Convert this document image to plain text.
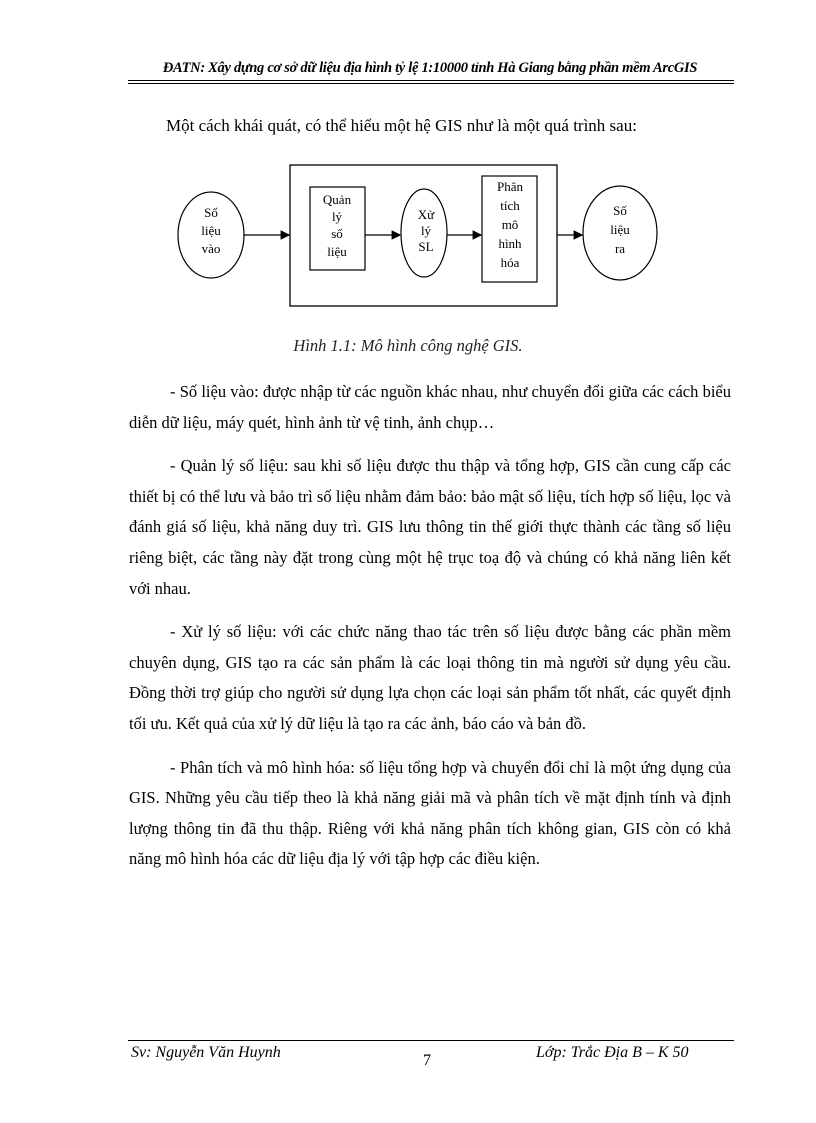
ĐATN: Xây dựng cơ sở dữ liệu địa hình tỷ lệ 1:10000 tỉnh Hà Giang bằng phần mềm ArcGIS
Một cách khái quát, có thể hiểu một hệ GIS như là một quá trình sau:
Số
liệu
vào
Quản
lý
số
liệu
Xử
lý
SL
Phân
tích
mô
hình
hóa
Số
liệu
ra
Hình 1.1: Mô hình công nghệ GIS.

- Số liệu vào: được nhập từ các nguồn khác nhau, như chuyển đổi giữa các cách biểu diễn dữ liệu, máy quét, hình ảnh từ vệ tinh, ảnh chụp…

- Quản lý số liệu: sau khi số liệu được thu thập và tổng hợp, GIS cần cung cấp các thiết bị có thể lưu và bảo trì số liệu nhằm đảm bảo: bảo mật số liệu, tích hợp số liệu, lọc và đánh giá số liệu, khả năng duy trì. GIS lưu thông tin thế giới thực thành các tầng số liệu riêng biệt, các tầng này đặt trong cùng một hệ trục toạ độ và chúng có khả năng liên kết với nhau.

- Xử lý số liệu: với các chức năng thao tác trên số liệu được bằng các phần mềm chuyên dụng, GIS tạo ra các sản phẩm là các loại thông tin mà người sử dụng yêu cầu. Đồng thời trợ giúp cho người sử dụng lựa chọn các loại sản phẩm tốt nhất, các quyết định tối ưu. Kết quả của xử lý dữ liệu là tạo ra các ảnh, báo cáo và bản đồ.

- Phân tích và mô hình hóa: số liệu tổng hợp và chuyển đổi chỉ là một ứng dụng của GIS. Những yêu cầu tiếp theo là khả năng giải mã và phân tích về mặt định tính và định lượng thông tin đã thu thập. Riêng với khả năng phân tích không gian, GIS còn có khả năng mô hình hóa các dữ liệu địa lý với tập hợp các điều kiện.

Sv: Nguyễn Văn Huynh	7	Lớp: Trắc Địa B – K 50
